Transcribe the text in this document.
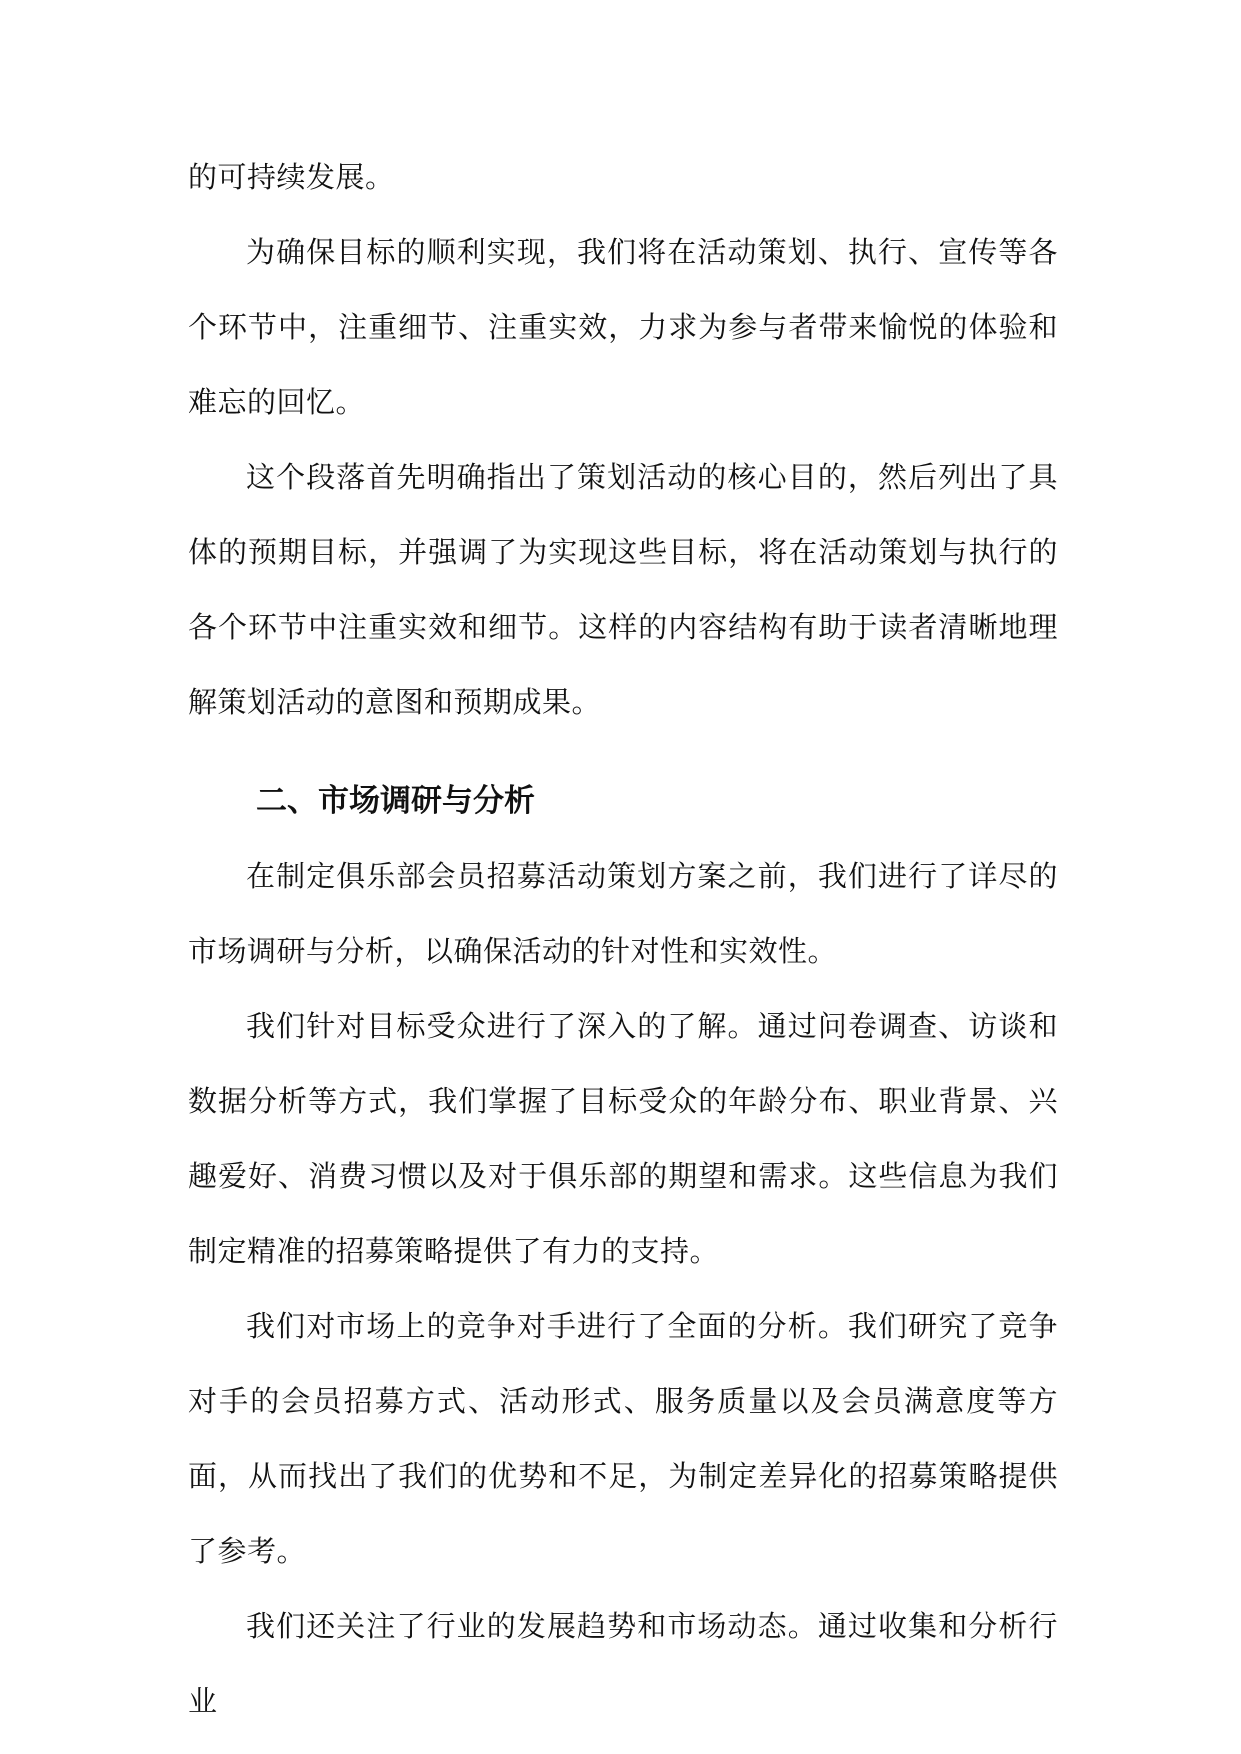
的可持续发展。

为确保目标的顺利实现，我们将在活动策划、执行、宣传等各个环节中，注重细节、注重实效，力求为参与者带来愉悦的体验和难忘的回忆。

这个段落首先明确指出了策划活动的核心目的，然后列出了具体的预期目标，并强调了为实现这些目标，将在活动策划与执行的各个环节中注重实效和细节。这样的内容结构有助于读者清晰地理解策划活动的意图和预期成果。

二、市场调研与分析

在制定俱乐部会员招募活动策划方案之前，我们进行了详尽的市场调研与分析，以确保活动的针对性和实效性。

我们针对目标受众进行了深入的了解。通过问卷调查、访谈和数据分析等方式，我们掌握了目标受众的年龄分布、职业背景、兴趣爱好、消费习惯以及对于俱乐部的期望和需求。这些信息为我们制定精准的招募策略提供了有力的支持。

我们对市场上的竞争对手进行了全面的分析。我们研究了竞争对手的会员招募方式、活动形式、服务质量以及会员满意度等方面，从而找出了我们的优势和不足，为制定差异化的招募策略提供了参考。

我们还关注了行业的发展趋势和市场动态。通过收集和分析行业
